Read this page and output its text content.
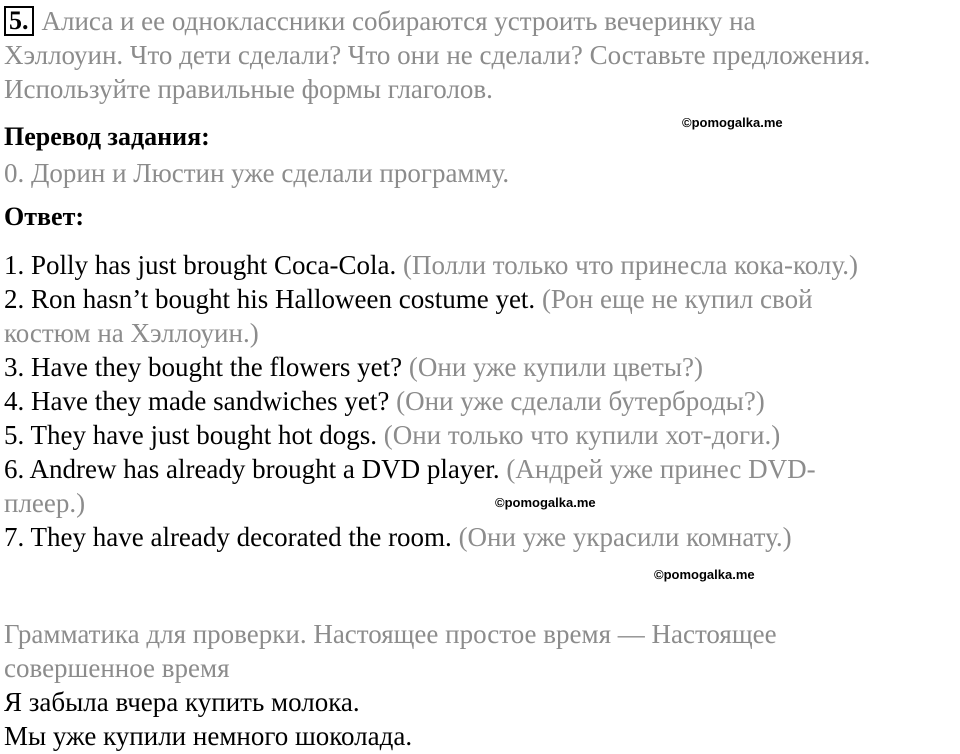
5. Алиса и ее одноклассники собираются устроить вечеринку на
Хэллоуин. Что дети сделали? Что они не сделали? Составьте предложения.
Используйте правильные формы глаголов.
Перевод задания:
0. Дорин и Люстин уже сделали программу.
Ответ:
1. Polly has just brought Coca-Cola. (Полли только что принесла кока-колу.)
2. Ron hasn’t bought his Halloween costume yet. (Рон еще не купил свой
костюм на Хэллоуин.)
3. Have they bought the flowers yet? (Они уже купили цветы?)
4. Have they made sandwiches yet? (Они уже сделали бутерброды?)
5. They have just bought hot dogs. (Они только что купили хот-доги.)
6. Andrew has already brought a DVD player. (Андрей уже принес DVD-
плеер.)
7. They have already decorated the room. (Они уже украсили комнату.)
Грамматика для проверки. Настоящее простое время — Настоящее
совершенное время
Я забыла вчера купить молока.
Мы уже купили немного шоколада.
©pomogalka.me
©pomogalka.me
©pomogalka.me
